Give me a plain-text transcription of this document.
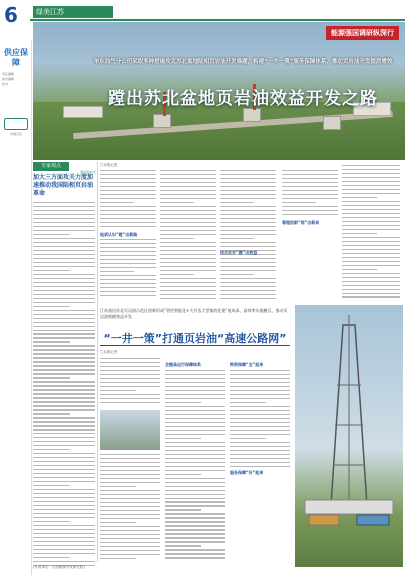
6	绿美江苏
供应保障
责任编辑
美术编辑
校对
中国石化
能源强国调研纵深行
华东油气分公司采取多种措施攻克苏北盆地陆相页岩油开发难题，构建“一井一策”服务保障体系，推动页岩油开发提质增效
蹚出苏北盆地页岩油效益开发之路
强国油气
专家观点
加大三方面攻关力度加速推动我国陆相页岩油革命
□本报记者
地质认识“蹚”出新路
技术攻关“趟”出效益
管理创新“闯”出新局
江苏油田苏北页岩油示范区创新形成“管控智能化+大井丛大型集约化建”低成本、高效率实施模式，推动页岩油规模效益开发
“一井一策”打通页岩油“高速公路网”
□本报记者
全链条运行保障体系	物资保障“全”起来
服务保障“好”起来
(作者单位：石油勘探开发研究院)
